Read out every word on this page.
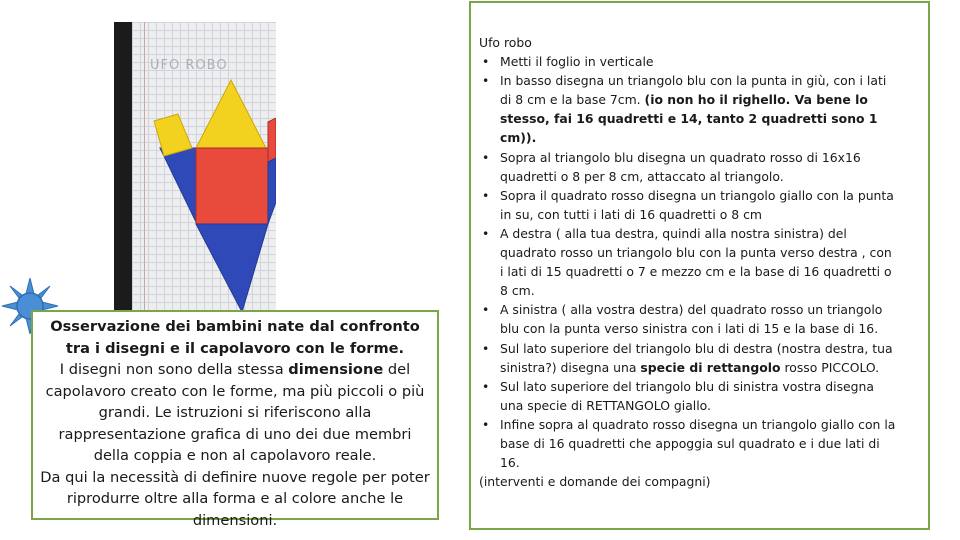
UFO ROBO

Osservazione dei bambini nate dal confronto tra i disegni e il capolavoro con le forme.

I disegni non sono della stessa dimensione del capolavoro creato con le forme, ma più piccoli o più grandi. Le istruzioni si riferiscono alla rappresentazione grafica di uno dei due membri della coppia e non al capolavoro reale.

Da qui la necessità di definire nuove regole per poter riprodurre oltre alla forma e al colore anche le dimensioni.

Ufo robo

• Metti il foglio in verticale
• In basso disegna un triangolo blu con la punta in giù, con i lati di 8 cm e la base 7cm. (io non ho il righello. Va bene lo stesso, fai 16 quadretti e 14, tanto 2 quadretti sono 1 cm)).
• Sopra al triangolo blu disegna un quadrato rosso di 16x16 quadretti o 8 per 8 cm, attaccato al triangolo.
• Sopra il quadrato rosso disegna un triangolo giallo con la punta in su, con tutti i lati di 16 quadretti o 8 cm
• A destra ( alla tua destra, quindi alla nostra sinistra) del quadrato rosso un triangolo blu con la punta verso destra , con i lati di 15 quadretti o 7 e mezzo cm e la base di 16 quadretti o 8 cm.
• A sinistra ( alla vostra destra) del quadrato rosso un triangolo blu con la punta verso sinistra con i lati di 15 e la base di 16.
• Sul lato superiore del triangolo blu di destra (nostra destra, tua sinistra?) disegna una specie di rettangolo rosso PICCOLO.
• Sul lato superiore del triangolo blu di sinistra vostra disegna una specie di RETTANGOLO giallo.
• Infine sopra al quadrato rosso disegna un triangolo giallo con la base di 16 quadretti che appoggia sul quadrato e i due lati di 16.

(interventi e domande dei compagni)
